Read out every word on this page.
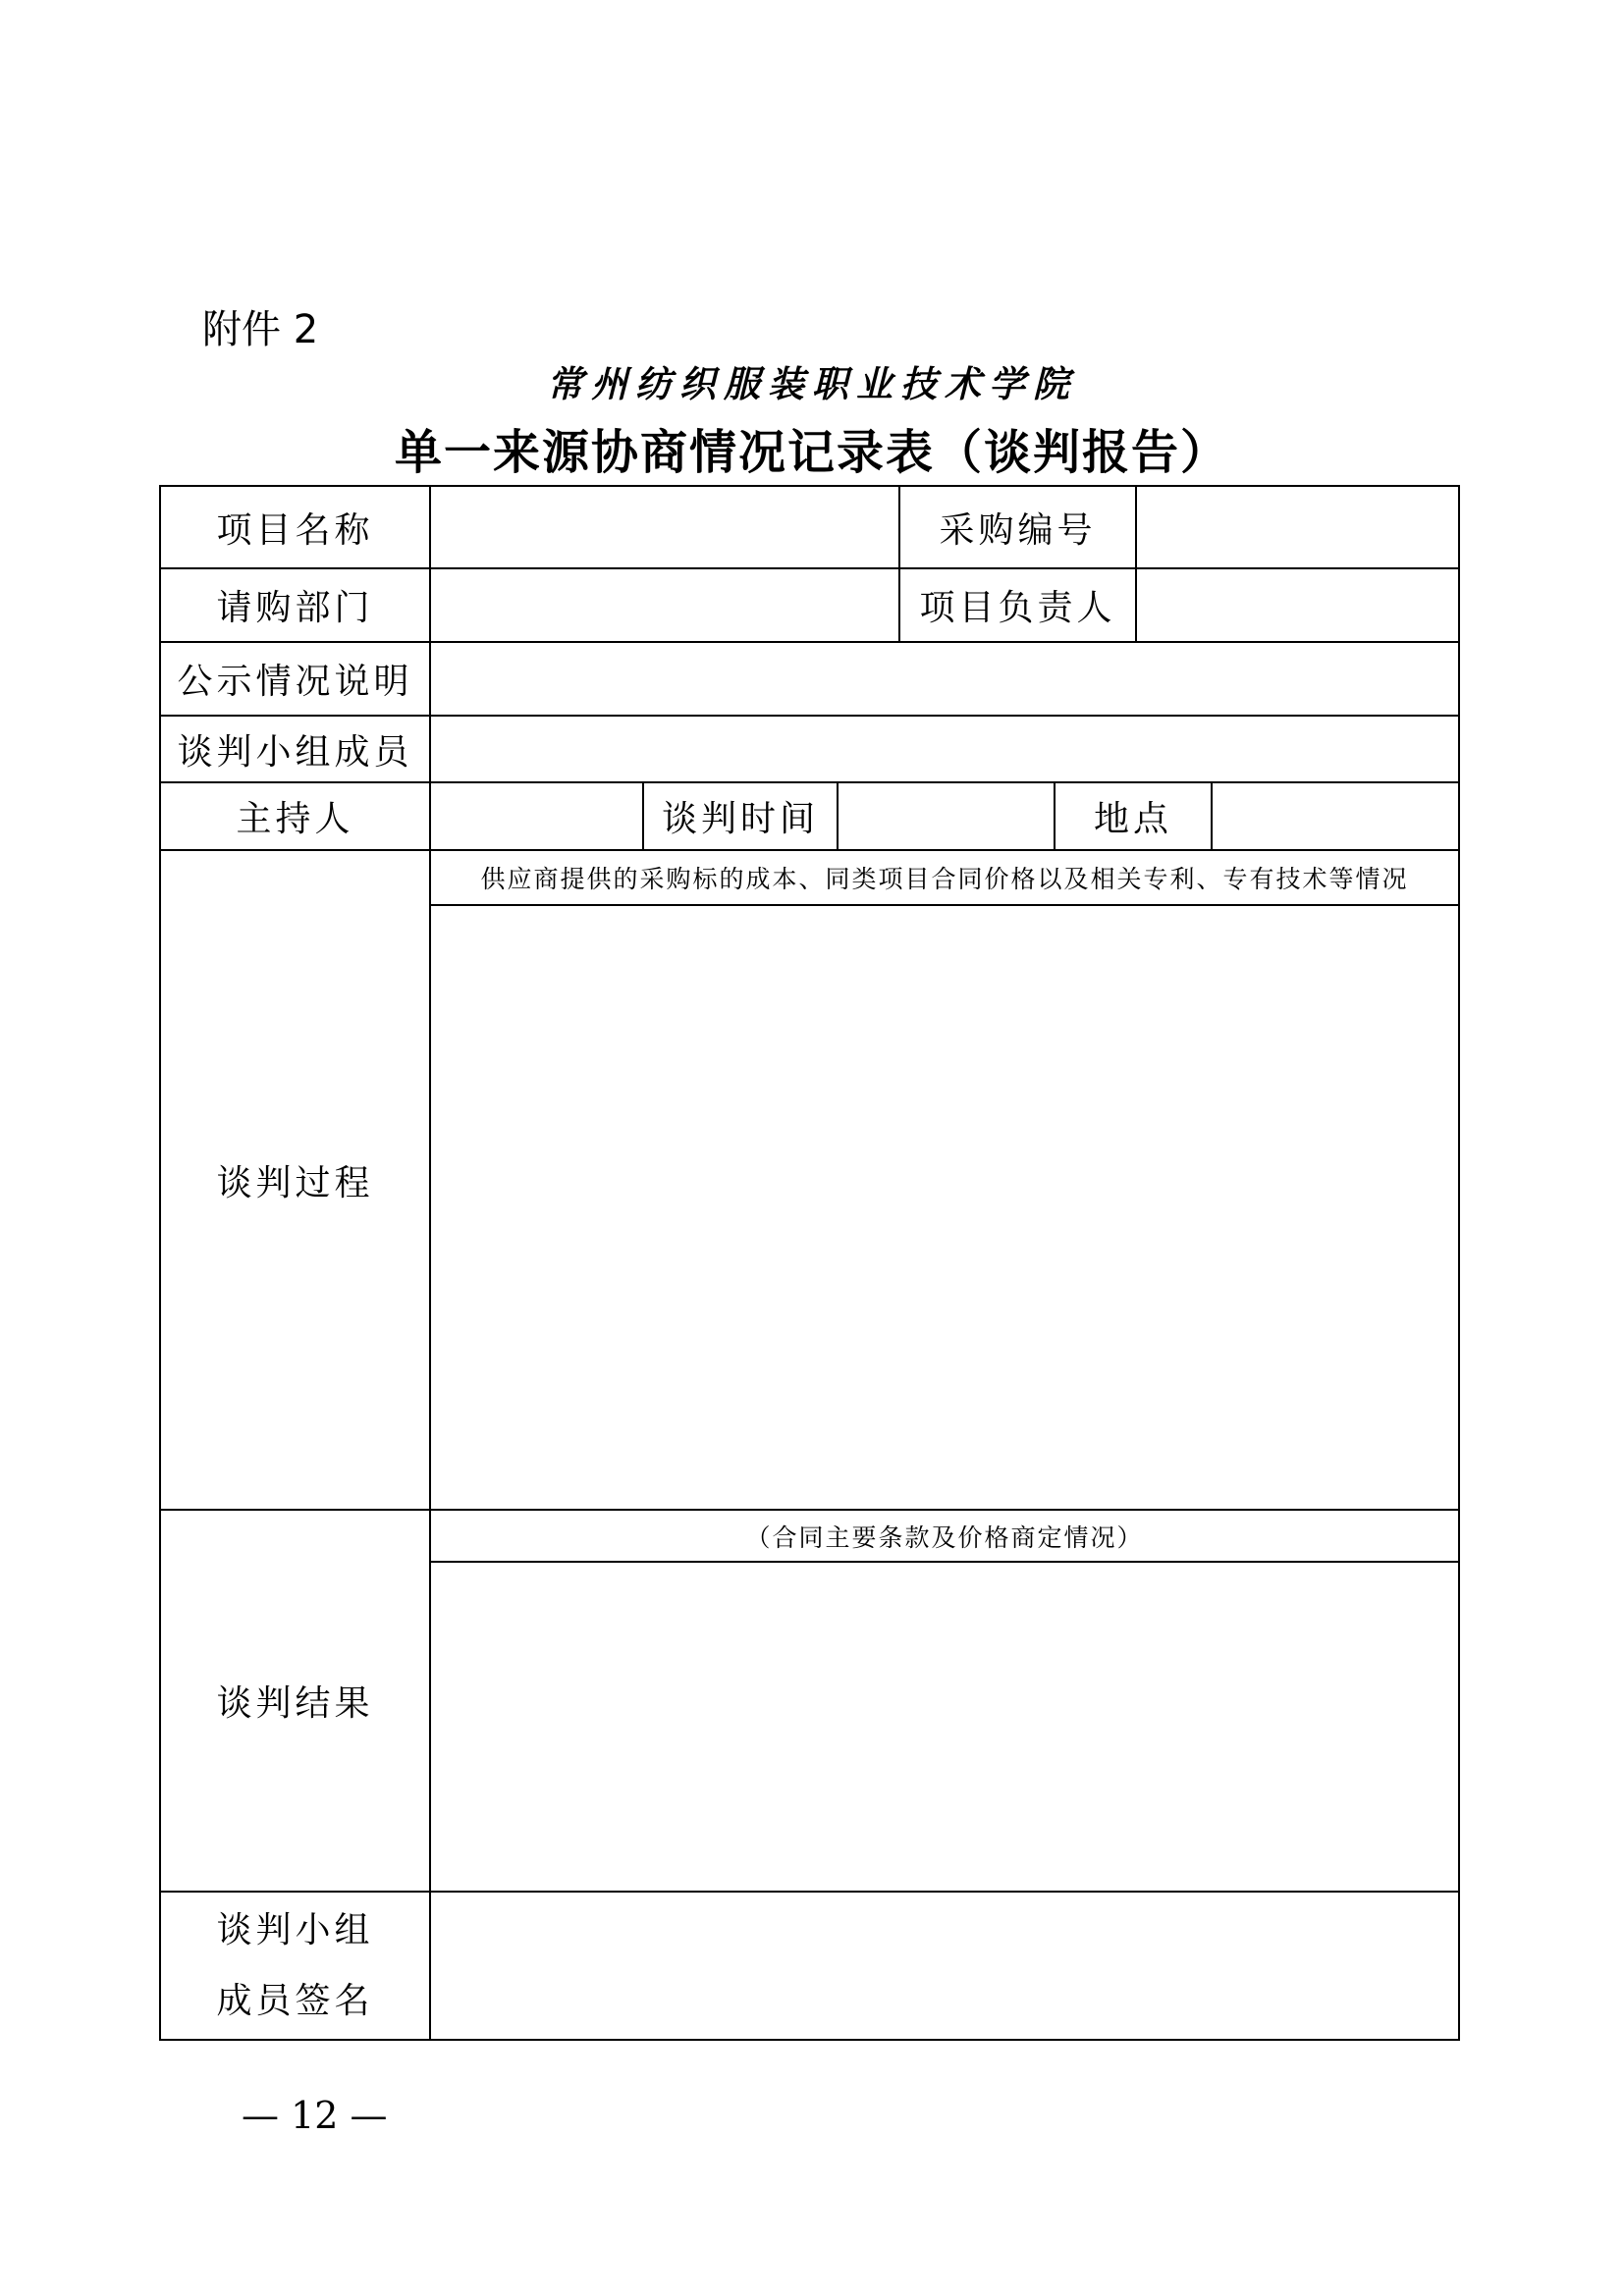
附件 2
常州纺织服装职业技术学院
单一来源协商情况记录表（谈判报告）
项目名称	采购编号
请购部门	项目负责人
公示情况说明
谈判小组成员
主持人	谈判时间	地点
谈判过程
供应商提供的采购标的成本、同类项目合同价格以及相关专利、专有技术等情况
谈判结果
（合同主要条款及价格商定情况）
谈判小组
成员签名
— 12 —
